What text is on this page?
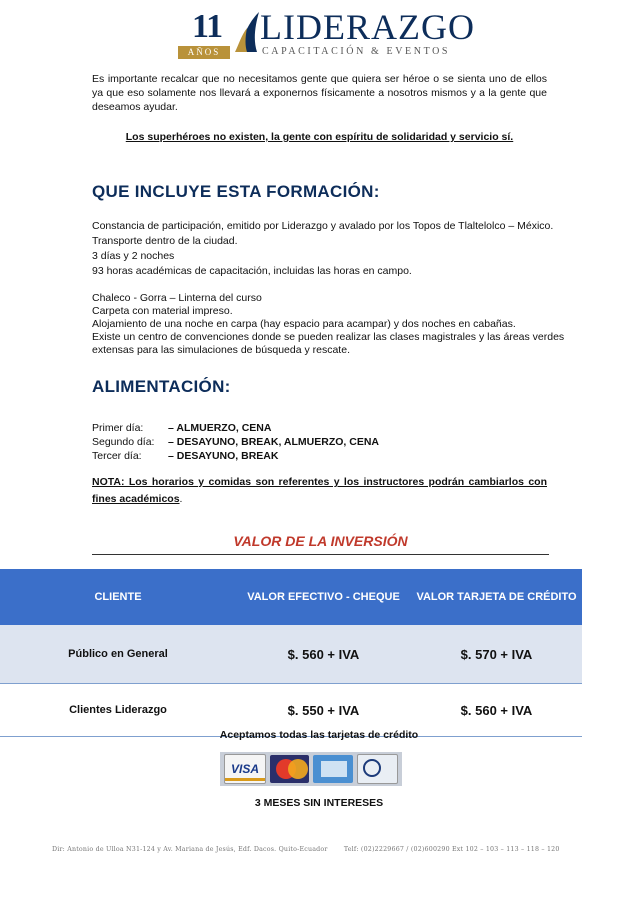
11
AÑOS
LIDERAZGO
CAPACITACIÓN & EVENTOS
Es importante recalcar que no necesitamos gente que quiera ser héroe o se sienta uno de ellos ya que eso solamente nos llevará a exponernos físicamente a nosotros mismos y a la gente que deseamos ayudar.
Los superhéroes no existen, la gente con espíritu de solidaridad y servicio sí.
QUE INCLUYE ESTA FORMACIÓN:
Constancia de participación, emitido por Liderazgo y avalado por los Topos de Tlaltelolco – México.
Transporte dentro de la ciudad.
3 días y 2 noches
93 horas académicas de capacitación, incluidas las horas en campo.
Chaleco - Gorra – Linterna del curso
Carpeta con material impreso.
Alojamiento de una noche en carpa (hay espacio para acampar) y dos noches en cabañas.
Existe un centro de convenciones donde se pueden realizar las clases magistrales y las áreas verdes
extensas para las simulaciones de búsqueda y rescate.
ALIMENTACIÓN:
Primer día:	– ALMUERZO, CENA
Segundo día:	– DESAYUNO, BREAK, ALMUERZO, CENA
Tercer día:	– DESAYUNO, BREAK
NOTA: Los horarios y comidas son referentes y los instructores podrán cambiarlos con fines académicos.
VALOR DE LA INVERSIÓN
CLIENTE	VALOR EFECTIVO - CHEQUE	VALOR TARJETA DE CRÉDITO
Público en General	$. 560 + IVA	$. 570 + IVA
Clientes Liderazgo	$. 550 + IVA	$. 560 + IVA
Aceptamos todas las tarjetas de crédito
VISA
3 MESES SIN INTERESES
Dir: Antonio de Ulloa N31-124 y Av. Mariana de Jesús, Edf. Dacos. Quito-Ecuador	Telf: (02)2229667 / (02)600290 Ext 102 – 103 – 113 – 118 – 120
